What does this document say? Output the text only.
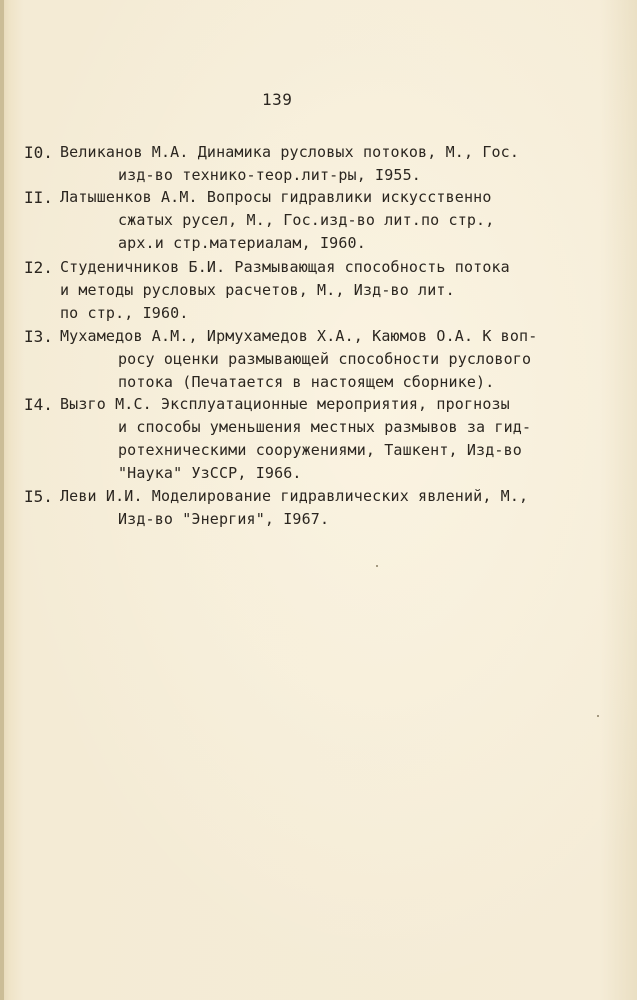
139
I0. Великанов М.А. Динамика русловых потоков, М., Гос.
изд-во технико-теор.лит-ры, I955.
II. Латышенков А.М. Вопросы гидравлики искусственно
сжатых русел, М., Гос.изд-во лит.по стр.,
арх.и стр.материалам, I960.
I2. Студеничников Б.И. Размывающая способность потока
и методы русловых расчетов, М., Изд-во лит.
по стр., I960.
I3. Мухамедов А.М., Ирмухамедов Х.А., Каюмов О.А. К воп-
росу оценки размывающей способности руслового
потока (Печатается в настоящем сборнике).
I4. Вызго М.С. Эксплуатационные мероприятия, прогнозы
и способы уменьшения местных размывов за гид-
ротехническими сооружениями, Ташкент, Изд-во
"Наука" УзССР, I966.
I5. Леви И.И. Моделирование гидравлических явлений, М.,
Изд-во "Энергия", I967.
